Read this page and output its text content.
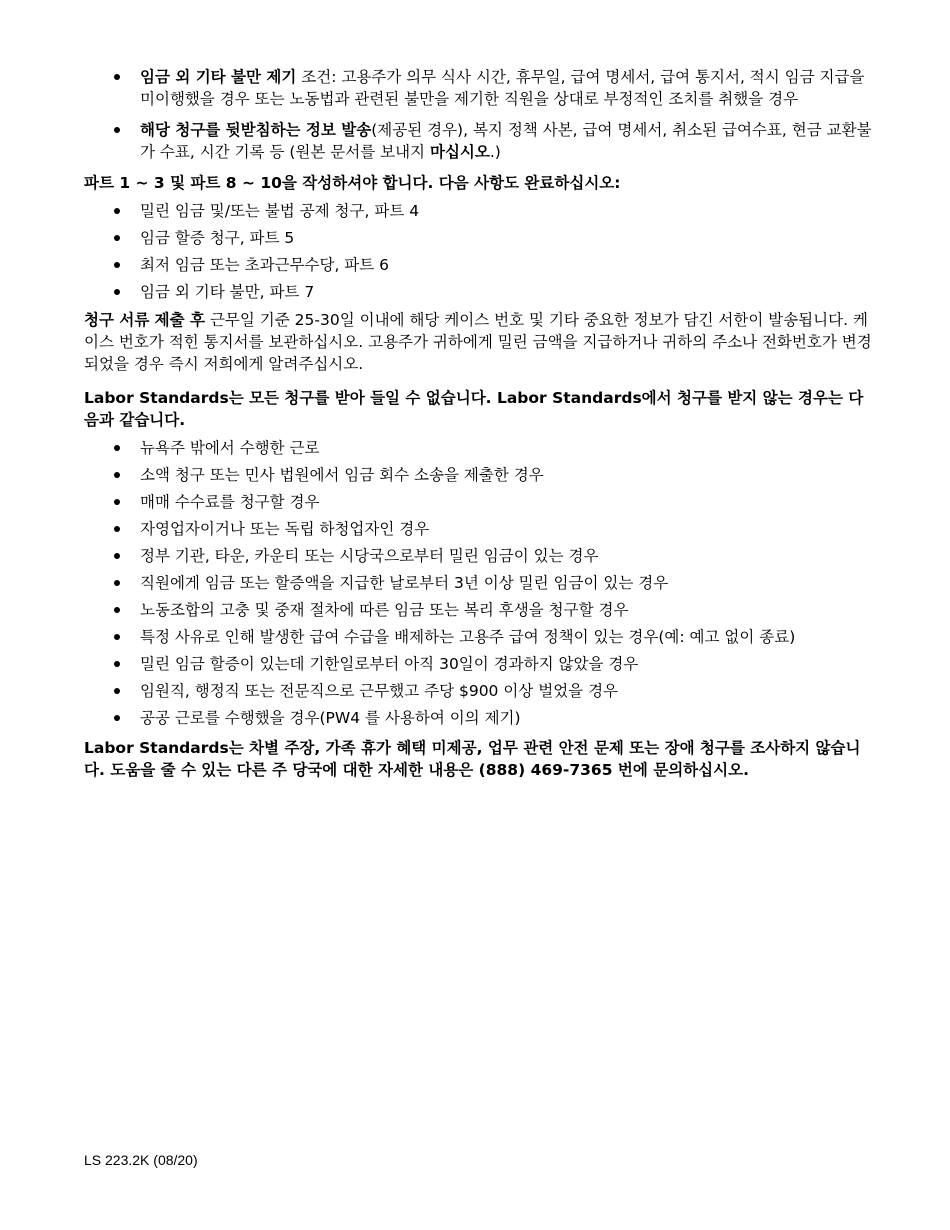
임금 외 기타 불만 제기 조건: 고용주가 의무 식사 시간, 휴무일, 급여 명세서, 급여 통지서, 적시 임금 지급을 미이행했을 경우 또는 노동법과 관련된 불만을 제기한 직원을 상대로 부정적인 조치를 취했을 경우
해당 청구를 뒷받침하는 정보 발송(제공된 경우), 복지 정책 사본, 급여 명세서, 취소된 급여수표, 현금 교환불가 수표, 시간 기록 등 (원본 문서를 보내지 마십시오.)

파트 1 ~ 3 및 파트 8 ~ 10을 작성하셔야 합니다. 다음 사항도 완료하십시오:

밀린 임금 및/또는 불법 공제 청구, 파트 4
임금 할증 청구, 파트 5
최저 임금 또는 초과근무수당, 파트 6
임금 외 기타 불만, 파트 7

청구 서류 제출 후 근무일 기준 25-30일 이내에 해당 케이스 번호 및 기타 중요한 정보가 담긴 서한이 발송됩니다. 케이스 번호가 적힌 통지서를 보관하십시오. 고용주가 귀하에게 밀린 금액을 지급하거나 귀하의 주소나 전화번호가 변경되었을 경우 즉시 저희에게 알려주십시오.

Labor Standards는 모든 청구를 받아 들일 수 없습니다. Labor Standards에서 청구를 받지 않는 경우는 다음과 같습니다.

뉴욕주 밖에서 수행한 근로
소액 청구 또는 민사 법원에서 임금 회수 소송을 제출한 경우
매매 수수료를 청구할 경우
자영업자이거나 또는 독립 하청업자인 경우
정부 기관, 타운, 카운티 또는 시당국으로부터 밀린 임금이 있는 경우
직원에게 임금 또는 할증액을 지급한 날로부터 3년 이상 밀린 임금이 있는 경우
노동조합의 고충 및 중재 절차에 따른 임금 또는 복리 후생을 청구할 경우
특정 사유로 인해 발생한 급여 수급을 배제하는 고용주 급여 정책이 있는 경우(예: 예고 없이 종료)
밀린 임금 할증이 있는데 기한일로부터 아직 30일이 경과하지 않았을 경우
임원직, 행정직 또는 전문직으로 근무했고 주당 $900 이상 벌었을 경우
공공 근로를 수행했을 경우(PW4 를 사용하여 이의 제기)

Labor Standards는 차별 주장, 가족 휴가 혜택 미제공, 업무 관련 안전 문제 또는 장애 청구를 조사하지 않습니다. 도움을 줄 수 있는 다른 주 당국에 대한 자세한 내용은 (888) 469-7365 번에 문의하십시오.

LS 223.2K (08/20)
